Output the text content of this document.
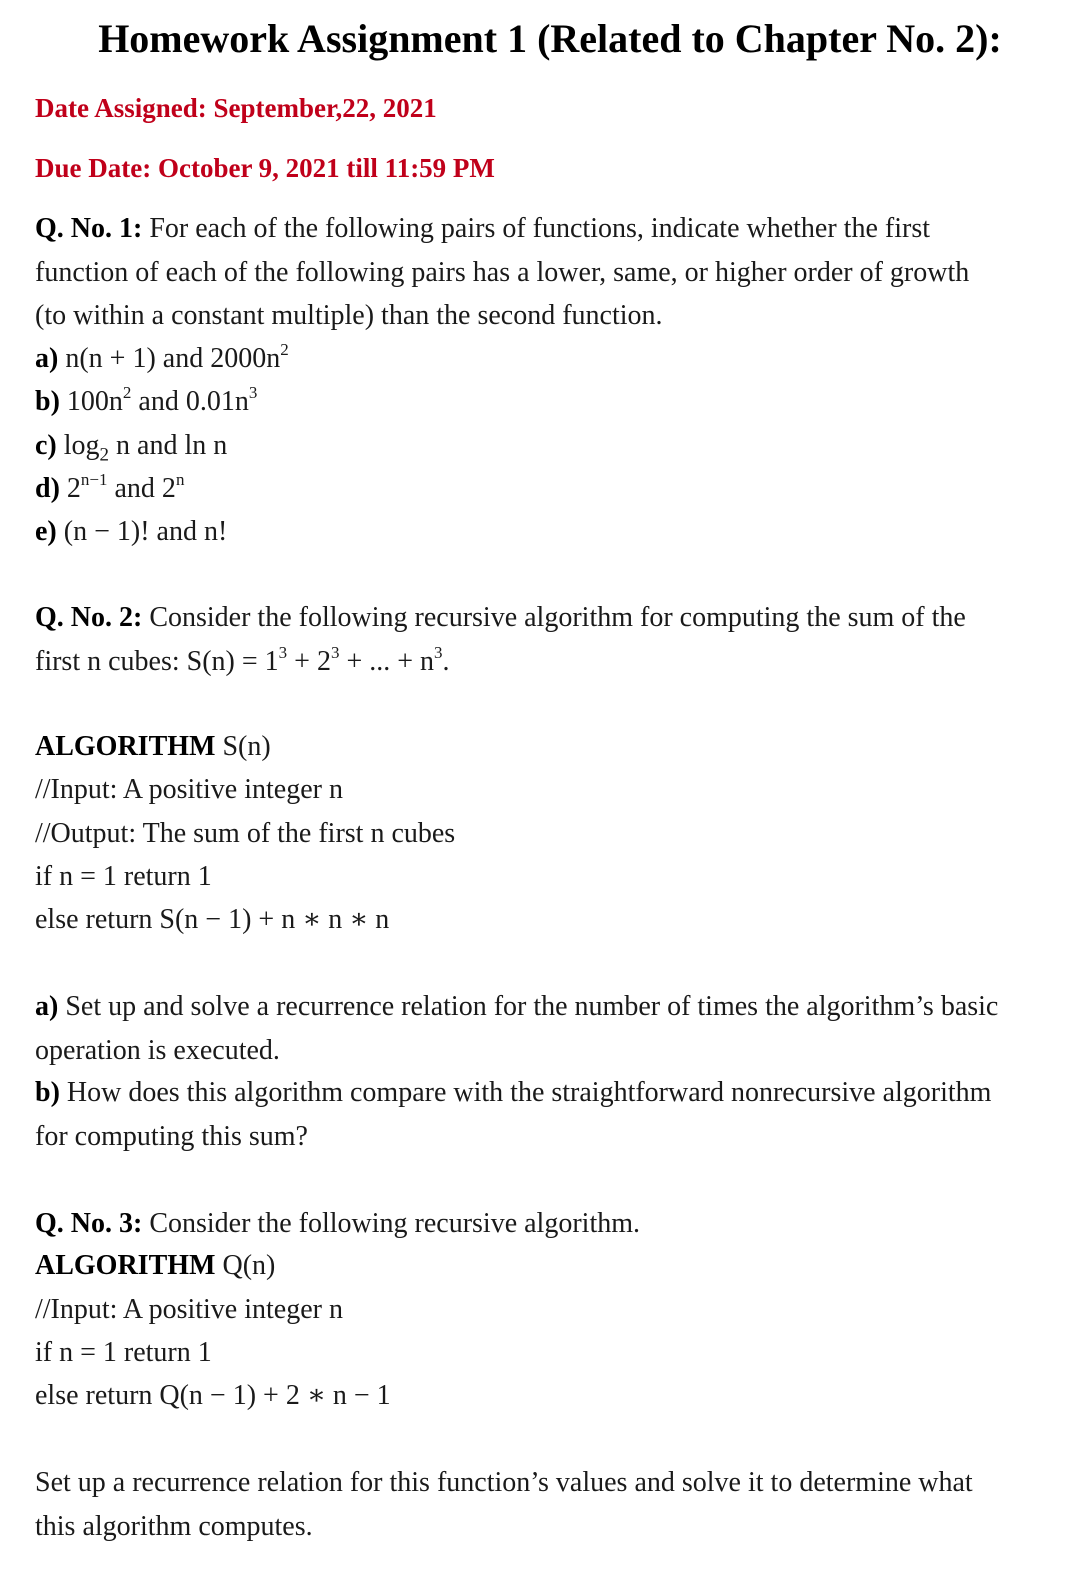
Homework Assignment 1 (Related to Chapter No. 2):
Date Assigned: September,22, 2021
Due Date: October 9, 2021 till 11:59 PM
Q. No. 1: For each of the following pairs of functions, indicate whether the first
function of each of the following pairs has a lower, same, or higher order of growth
(to within a constant multiple) than the second function.
a) n(n + 1) and $2000n^2$
b) $100n^2$ and $0.01n^3$
c) $\log_2 n$ and ln n
d) $2^{n-1}$ and 2$^n$
e) (n − 1)! and n!
Q. No. 2: Consider the following recursive algorithm for computing the sum of the
first n cubes: $S(n) = 1^3 + 2^3$ + ... + $n^3$.
ALGORITHM S(n)
//Input: A positive integer n
//Output: The sum of the first n cubes
if n = 1 return 1
else return S(n − 1) + n ∗ n ∗ n
a) Set up and solve a recurrence relation for the number of times the algorithm’s basic
operation is executed.
b) How does this algorithm compare with the straightforward nonrecursive algorithm
for computing this sum?
Q. No. 3: Consider the following recursive algorithm.
ALGORITHM Q(n)
//Input: A positive integer n
if n = 1 return 1
else return Q(n − 1) + 2 ∗ n − 1
Set up a recurrence relation for this function’s values and solve it to determine what
this algorithm computes.
